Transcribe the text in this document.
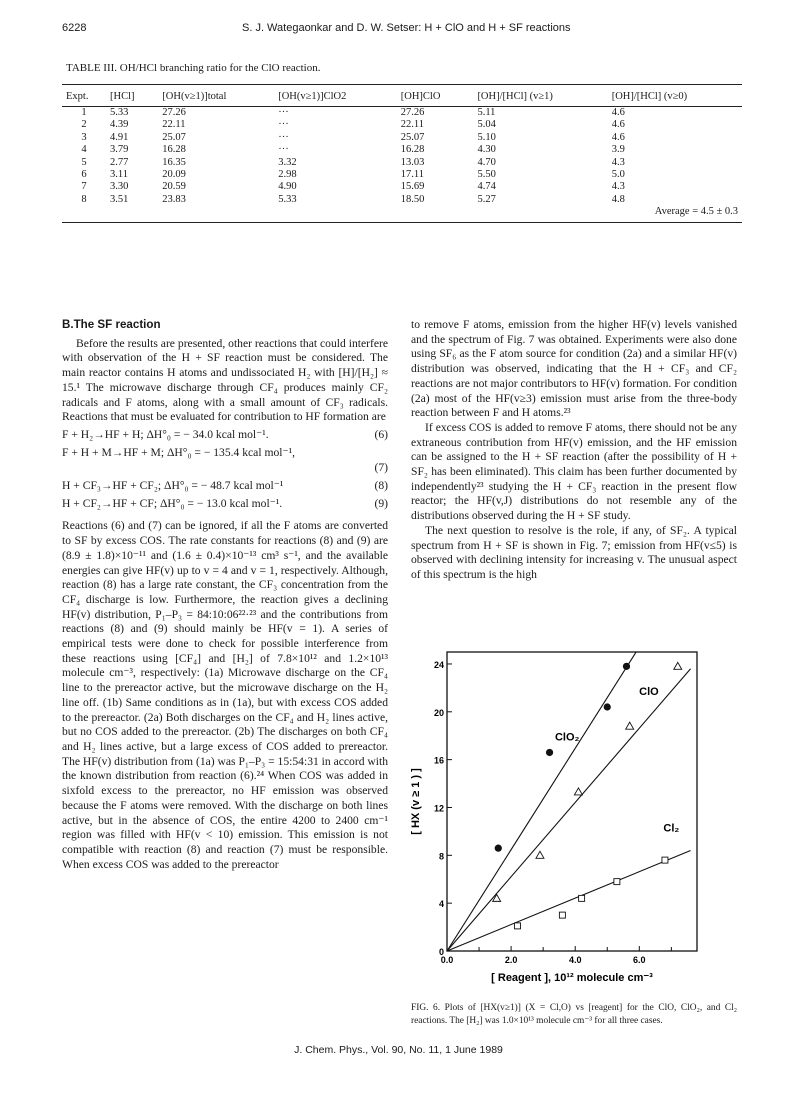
6228	S. J. Wategaonkar and D. W. Setser: H + ClO and H + SF reactions
TABLE III. OH/HCl branching ratio for the ClO reaction.

Expt.	[HCl]	[OH(v≥1)]total	[OH(v≥1)]ClO2	[OH]ClO	[OH]/[HCl] (v≥1)	[OH]/[HCl] (v≥0)
1	5.33	27.26	···	27.26	5.11	4.6
2	4.39	22.11	···	22.11	5.04	4.6
3	4.91	25.07	···	25.07	5.10	4.6
4	3.79	16.28	···	16.28	4.30	3.9
5	2.77	16.35	3.32	13.03	4.70	4.3
6	3.11	20.09	2.98	17.11	5.50	5.0
7	3.30	20.59	4.90	15.69	4.74	4.3
8	3.51	23.83	5.33	18.50	5.27	4.8
Average = 4.5 ± 0.3						

B.The SF reaction

Before the results are presented, other reactions that could interfere with observation of the H + SF reaction must be considered. The main reactor contains H atoms and undissociated H₂ with [H]/[H₂] ≈ 15.¹ The microwave discharge through CF₄ produces mainly CF₂ radicals and F atoms, along with a small amount of CF₃ radicals. Reactions that must be evaluated for contribution to HF formation are

F + H₂→HF + H; ΔH°₀ = − 34.0 kcal mol⁻¹.	(6)
F + H + M→HF + M; ΔH°₀ = − 135.4 kcal mol⁻¹,
(7)
H + CF₃→HF + CF₂; ΔH°₀ = − 48.7 kcal mol⁻¹	(8)
H + CF₂→HF + CF; ΔH°₀ = − 13.0 kcal mol⁻¹.	(9)

Reactions (6) and (7) can be ignored, if all the F atoms are converted to SF by excess COS. The rate constants for reactions (8) and (9) are (8.9 ± 1.8)×10⁻¹¹ and (1.6 ± 0.4)×10⁻¹³ cm³ s⁻¹, and the available energies can give HF(v) up to v = 4 and v = 1, respectively. Although, reaction (8) has a large rate constant, the CF₃ concentration from the CF₄ discharge is low. Furthermore, the reaction gives a declining HF(v) distribution, P₁–P₃ = 84:10:06²²·²³ and the contributions from reactions (8) and (9) should mainly be HF(v = 1). A series of empirical tests were done to check for possible interference from these reactions using [CF₄] and [H₂] of 7.8×10¹² and 1.2×10¹³ molecule cm⁻³, respectively: (1a) Microwave discharge on the CF₄ line to the prereactor active, but the microwave discharge on the H₂ line off. (1b) Same conditions as in (1a), but with excess COS added to the prereactor. (2a) Both discharges on the CF₄ and H₂ lines active, but no COS added to the prereactor. (2b) The discharges on both CF₄ and H₂ lines active, but a large excess of COS added to prereactor. The HF(v) distribution from (1a) was P₁–P₃ = 15:54:31 in accord with the known distribution from reaction (6).²⁴ When COS was added in sixfold excess to the prereactor, no HF emission was observed because the F atoms were removed. With the discharge on both lines active, but in the absence of COS, the entire 4200 to 2400 cm⁻¹ region was filled with HF(v < 10) emission. This emission is not compatible with reaction (8) and reaction (7) must be responsible. When excess COS was added to the prereactor

to remove F atoms, emission from the higher HF(v) levels vanished and the spectrum of Fig. 7 was obtained. Experiments were also done using SF₆ as the F atom source for condition (2a) and a similar HF(v) distribution was observed, indicating that the H + CF₃ and CF₂ reactions are not major contributors to HF(v) formation. For condition (2a) most of the HF(v≥3) emission must arise from the three-body reaction between F and H atoms.²³

If excess COS is added to remove F atoms, there should not be any extraneous contribution from HF(v) emission, and the HF emission can be assigned to the H + SF reaction (after the possibility of H + SF₂ has been eliminated). This claim has been further documented by independently²³ studying the H + CF₃ reaction in the present flow reactor; the HF(v,J) distributions do not resemble any of the distributions observed during the H + SF study.

The next question to resolve is the role, if any, of SF₂. A typical spectrum from H + SF is shown in Fig. 7; emission from HF(v≤5) is observed with declining intensity for increasing v. The unusual aspect of this spectrum is the high

0.0	2.0	4.0	6.0
0
4
8
12
16
20
24
[ Reagent ], 10¹² molecule cm⁻³
[ HX (v ≥ 1 ) ]
ClO₂
ClO
Cl₂
FIG. 6. Plots of [HX(v≥1)] (X = Cl,O) vs [reagent] for the ClO, ClO₂, and Cl₂ reactions. The [H₂] was 1.0×10¹³ molecule cm⁻³ for all three cases.
J. Chem. Phys., Vol. 90, No. 11, 1 June 1989
